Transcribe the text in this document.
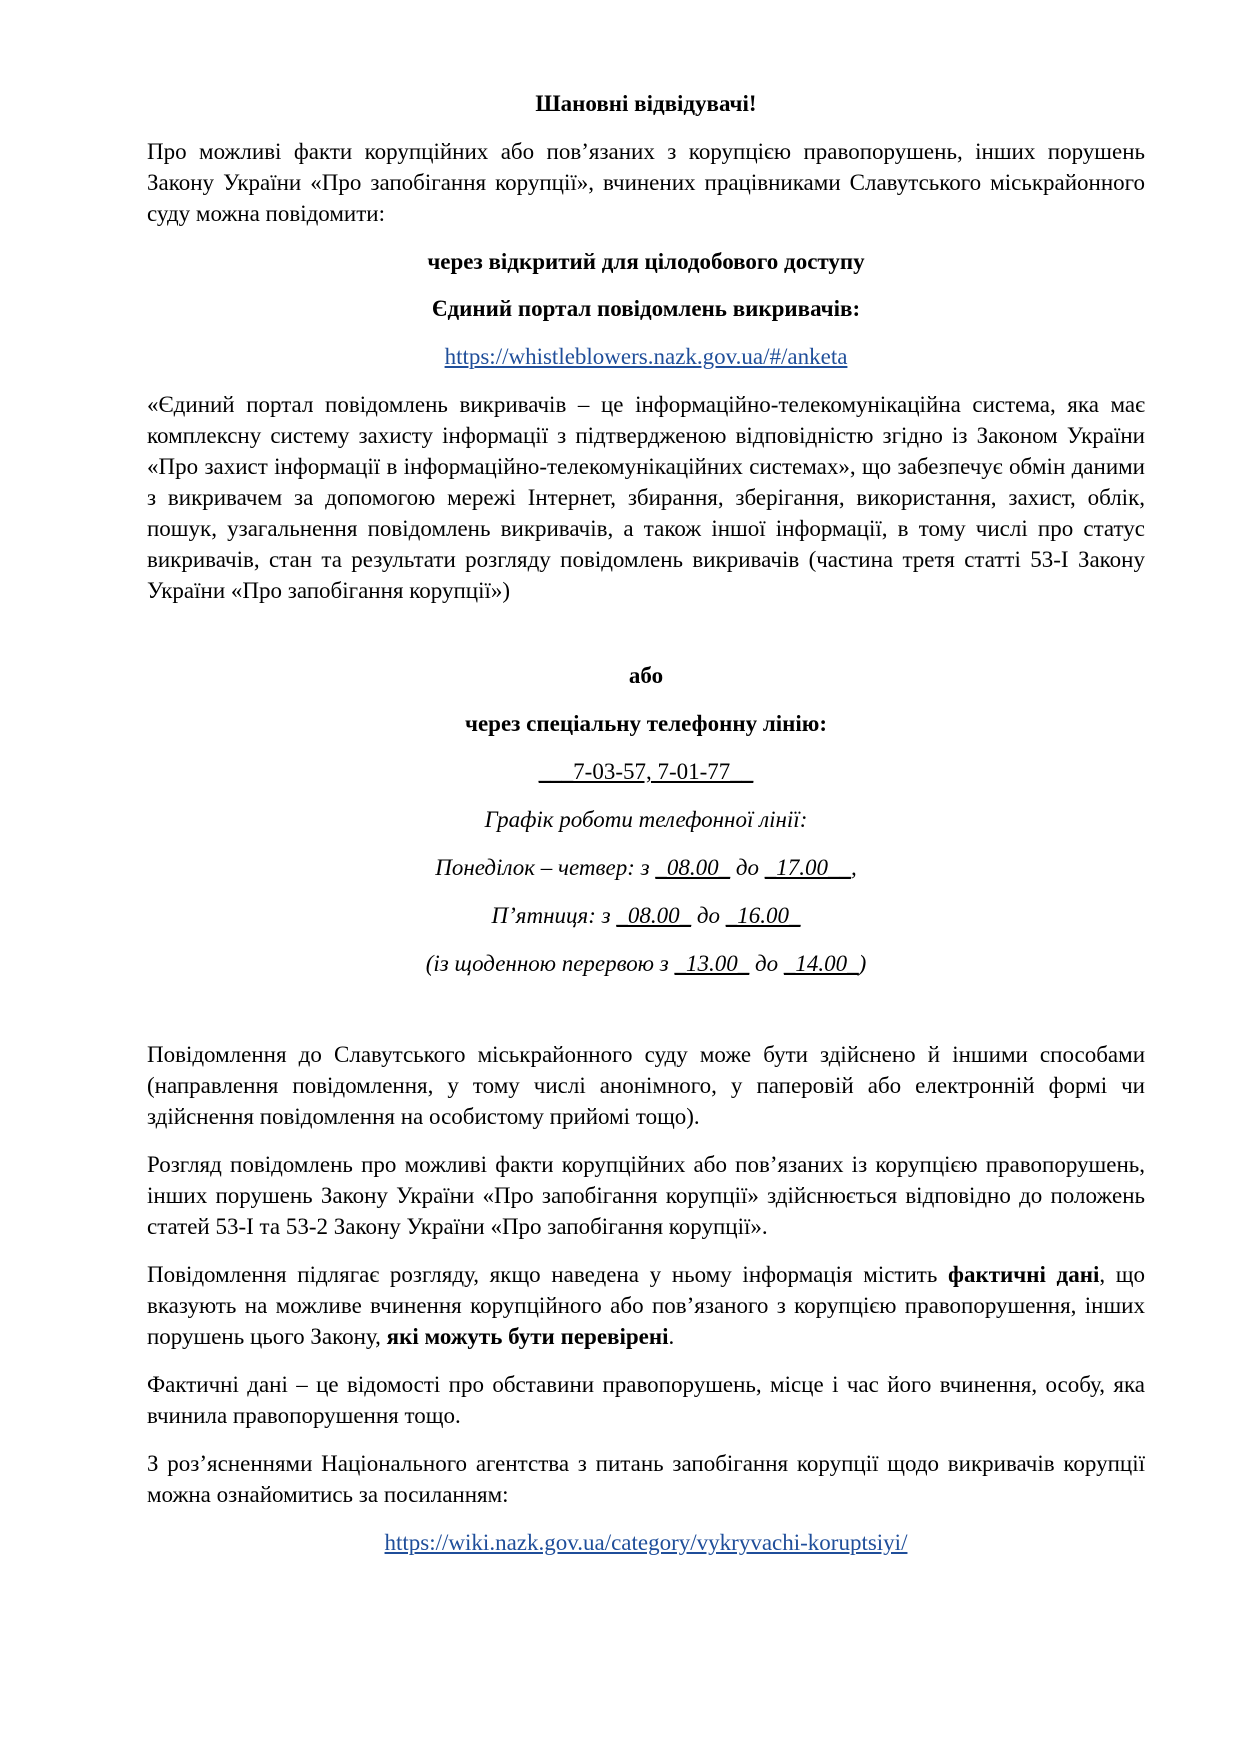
Шановні відвідувачі!

Про можливі факти корупційних або пов’язаних з корупцією правопорушень, інших порушень Закону України «Про запобігання корупції», вчинених працівниками Славутського міськрайонного суду можна повідомити:

через відкритий для цілодобового доступу

Єдиний портал повідомлень викривачів:

https://whistleblowers.nazk.gov.ua/#/anketa

«Єдиний портал повідомлень викривачів – це інформаційно-телекомунікаційна система, яка має комплексну систему захисту інформації з підтвердженою відповідністю згідно із Законом України «Про захист інформації в інформаційно-телекомунікаційних системах», що забезпечує обмін даними з викривачем за допомогою мережі Інтернет, збирання, зберігання, використання, захист, облік, пошук, узагальнення повідомлень викривачів, а також іншої інформації, в тому числі про статус викривачів, стан та результати розгляду повідомлень викривачів (частина третя статті 53-І Закону України «Про запобігання корупції»)

або

через спеціальну телефонну лінію:

___7-03-57, 7-01-77__

Графік роботи телефонної лінії:

Понеділок – четвер: з _08.00_ до _17.00__,

П’ятниця: з _08.00_ до _16.00_

(із щоденною перервою з _13.00_ до _14.00_)

Повідомлення до Славутського міськрайонного суду може бути здійснено й іншими способами (направлення повідомлення, у тому числі анонімного, у паперовій або електронній формі чи здійснення повідомлення на особистому прийомі тощо).

Розгляд повідомлень про можливі факти корупційних або пов’язаних із корупцією правопорушень, інших порушень Закону України «Про запобігання корупції» здійснюється відповідно до положень статей 53-І та 53-2 Закону України «Про запобігання корупції».

Повідомлення підлягає розгляду, якщо наведена у ньому інформація містить фактичні дані, що вказують на можливе вчинення корупційного або пов’язаного з корупцією правопорушення, інших порушень цього Закону, які можуть бути перевірені.

Фактичні дані – це відомості про обставини правопорушень, місце і час його вчинення, особу, яка вчинила правопорушення тощо.

З роз’ясненнями Національного агентства з питань запобігання корупції щодо викривачів корупції можна ознайомитись за посиланням:

https://wiki.nazk.gov.ua/category/vykryvachi-koruptsiyi/
